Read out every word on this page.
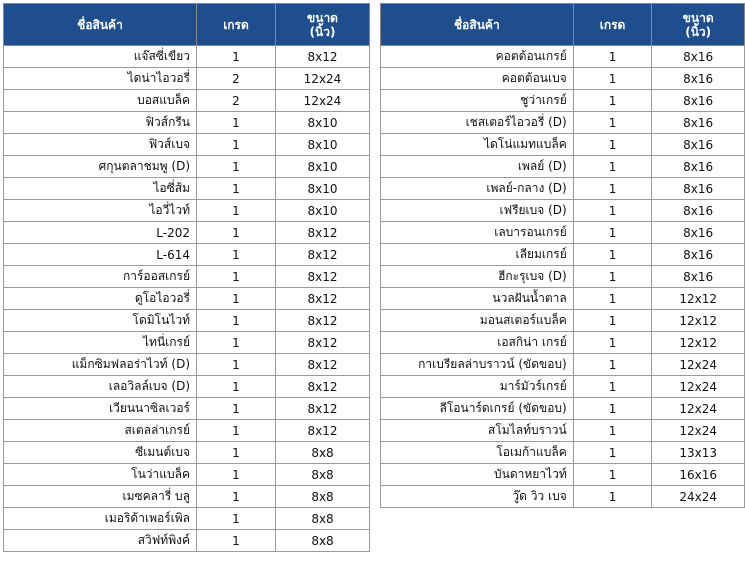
ชื่อสินค้า	เกรด	ขนาด
(นิ้ว)

แจ๊สซี่เขียว	1	8x12
ไดน่าไอวอรี่	2	12x24
บอสแบล็ค	2	12x24
ฟิวส์กรีน	1	8x10
ฟิวส์เบจ	1	8x10
ศกุนตลาชมพู (D)	1	8x10
ไอซี่ส้ม	1	8x10
ไอวี่ไวท์	1	8x10
L-202	1	8x12
L-614	1	8x12
การ์ออสเกรย์	1	8x12
ดูโอไอวอรี่	1	8x12
โดมิโนไวท์	1	8x12
ไทนี่เกรย์	1	8x12
แม็กซิมฟลอร่าไวท์ (D)	1	8x12
เลอวิลล์เบจ (D)	1	8x12
เวียนนาซิลเวอร์	1	8x12
สเตลล่าเกรย์	1	8x12
ซีเมนต์เบจ	1	8x8
โนว่าแบล็ค	1	8x8
เมซคลารี่ บลู	1	8x8
เมอริด้าเพอร์เพิล	1	8x8
สวิฟท์พิงค์	1	8x8
ชื่อสินค้า	เกรด	ขนาด
(นิ้ว)

คอตต้อนเกรย์	1	8x16
คอตต้อนเบจ	1	8x16
ชูว่าเกรย์	1	8x16
เชสเตอร์ไอวอรี่ (D)	1	8x16
ไดโน่แมทแบล็ค	1	8x16
เพลย์ (D)	1	8x16
เพลย์-กลาง (D)	1	8x16
เฟรียเบจ (D)	1	8x16
เลบารอนเกรย์	1	8x16
เลียมเกรย์	1	8x16
ฮีกะรุเบจ (D)	1	8x16
นวลฝันน้ำตาล	1	12x12
มอนสเตอร์แบล็ค	1	12x12
เอสกิน่า เกรย์	1	12x12
กาเบรียลล่าบราวน์ (ขัดขอบ)	1	12x24
มาร์มัวร์เกรย์	1	12x24
ลีโอนาร์ดเกรย์ (ขัดขอบ)	1	12x24
สโมไลท์บราวน์	1	12x24
โอเมก้าแบล็ค	1	13x13
บันดาหยาไวท์	1	16x16
วู๊ด วิว เบจ	1	24x24
